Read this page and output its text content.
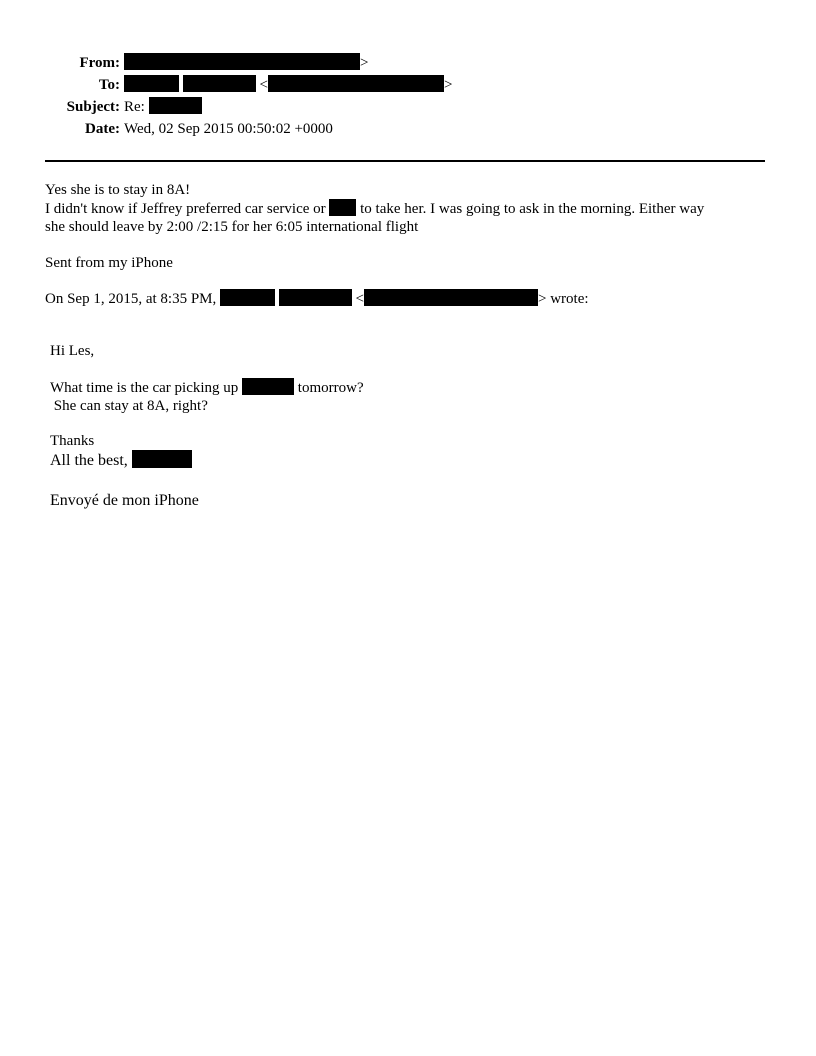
From:	>
To:	<	>
Subject: Re:
Date: Wed, 02 Sep 2015 00:50:02 +0000
Yes she is to stay in 8A!
I didn't know if Jeffrey preferred car service or to take her. I was going to ask in the morning. Either way
she should leave by 2:00 /2:15 for her 6:05 international flight
Sent from my iPhone
On Sep 1, 2015, at 8:35 PM,	<	> wrote:
Hi Les,
What time is the car picking up	tomorrow?
She can stay at 8A, right?
Thanks
All the best,
Envoyé de mon iPhone
